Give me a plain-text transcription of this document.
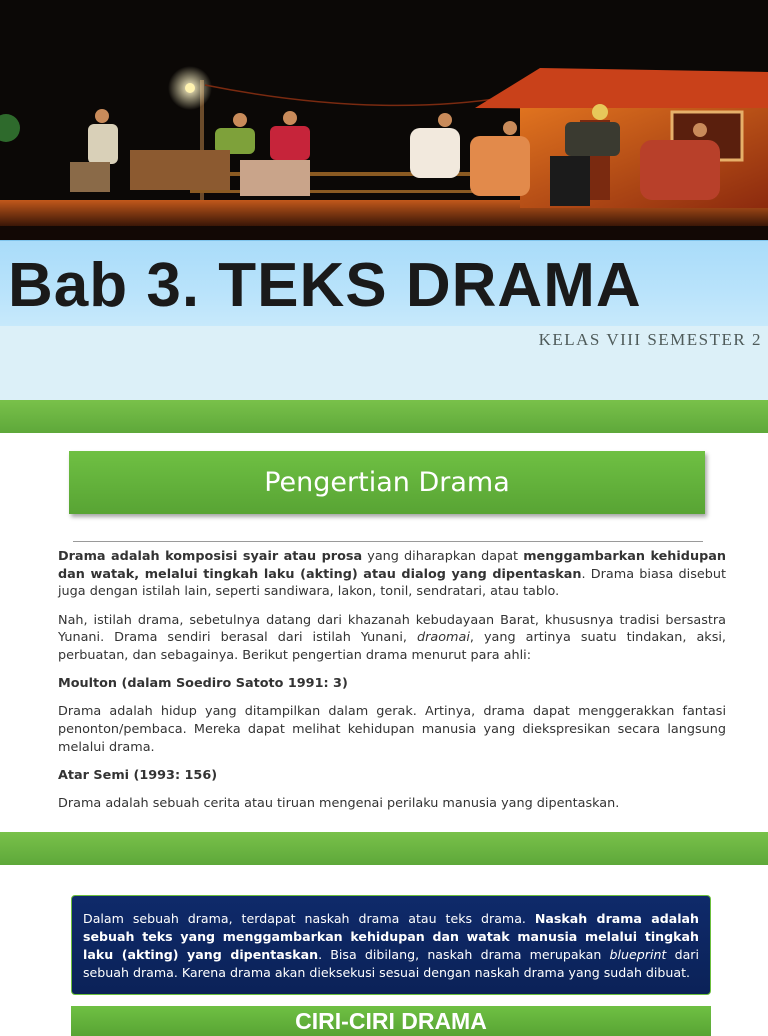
Bab 3. TEKS DRAMA
KELAS VIII SEMESTER 2
Pengertian Drama

Drama adalah komposisi syair atau prosa yang diharapkan dapat menggambarkan kehidupan dan watak, melalui tingkah laku (akting) atau dialog yang dipentaskan. Drama biasa disebut juga dengan istilah lain, seperti sandiwara, lakon, tonil, sendratari, atau tablo.

Nah, istilah drama, sebetulnya datang dari khazanah kebudayaan Barat, khususnya tradisi bersastra Yunani. Drama sendiri berasal dari istilah Yunani, draomai, yang artinya suatu tindakan, aksi, perbuatan, dan sebagainya. Berikut pengertian drama menurut para ahli:

Moulton (dalam Soediro Satoto 1991: 3)

Drama adalah hidup yang ditampilkan dalam gerak. Artinya, drama dapat menggerakkan fantasi penonton/pembaca. Mereka dapat melihat kehidupan manusia yang diekspresikan secara langsung melalui drama.

Atar Semi (1993: 156)

Drama adalah sebuah cerita atau tiruan mengenai perilaku manusia yang dipentaskan.

Dalam sebuah drama, terdapat naskah drama atau teks drama. Naskah drama adalah sebuah teks yang menggambarkan kehidupan dan watak manusia melalui tingkah laku (akting) yang dipentaskan. Bisa dibilang, naskah drama merupakan blueprint dari sebuah drama. Karena drama akan dieksekusi sesuai dengan naskah drama yang sudah dibuat.
CIRI-CIRI DRAMA
